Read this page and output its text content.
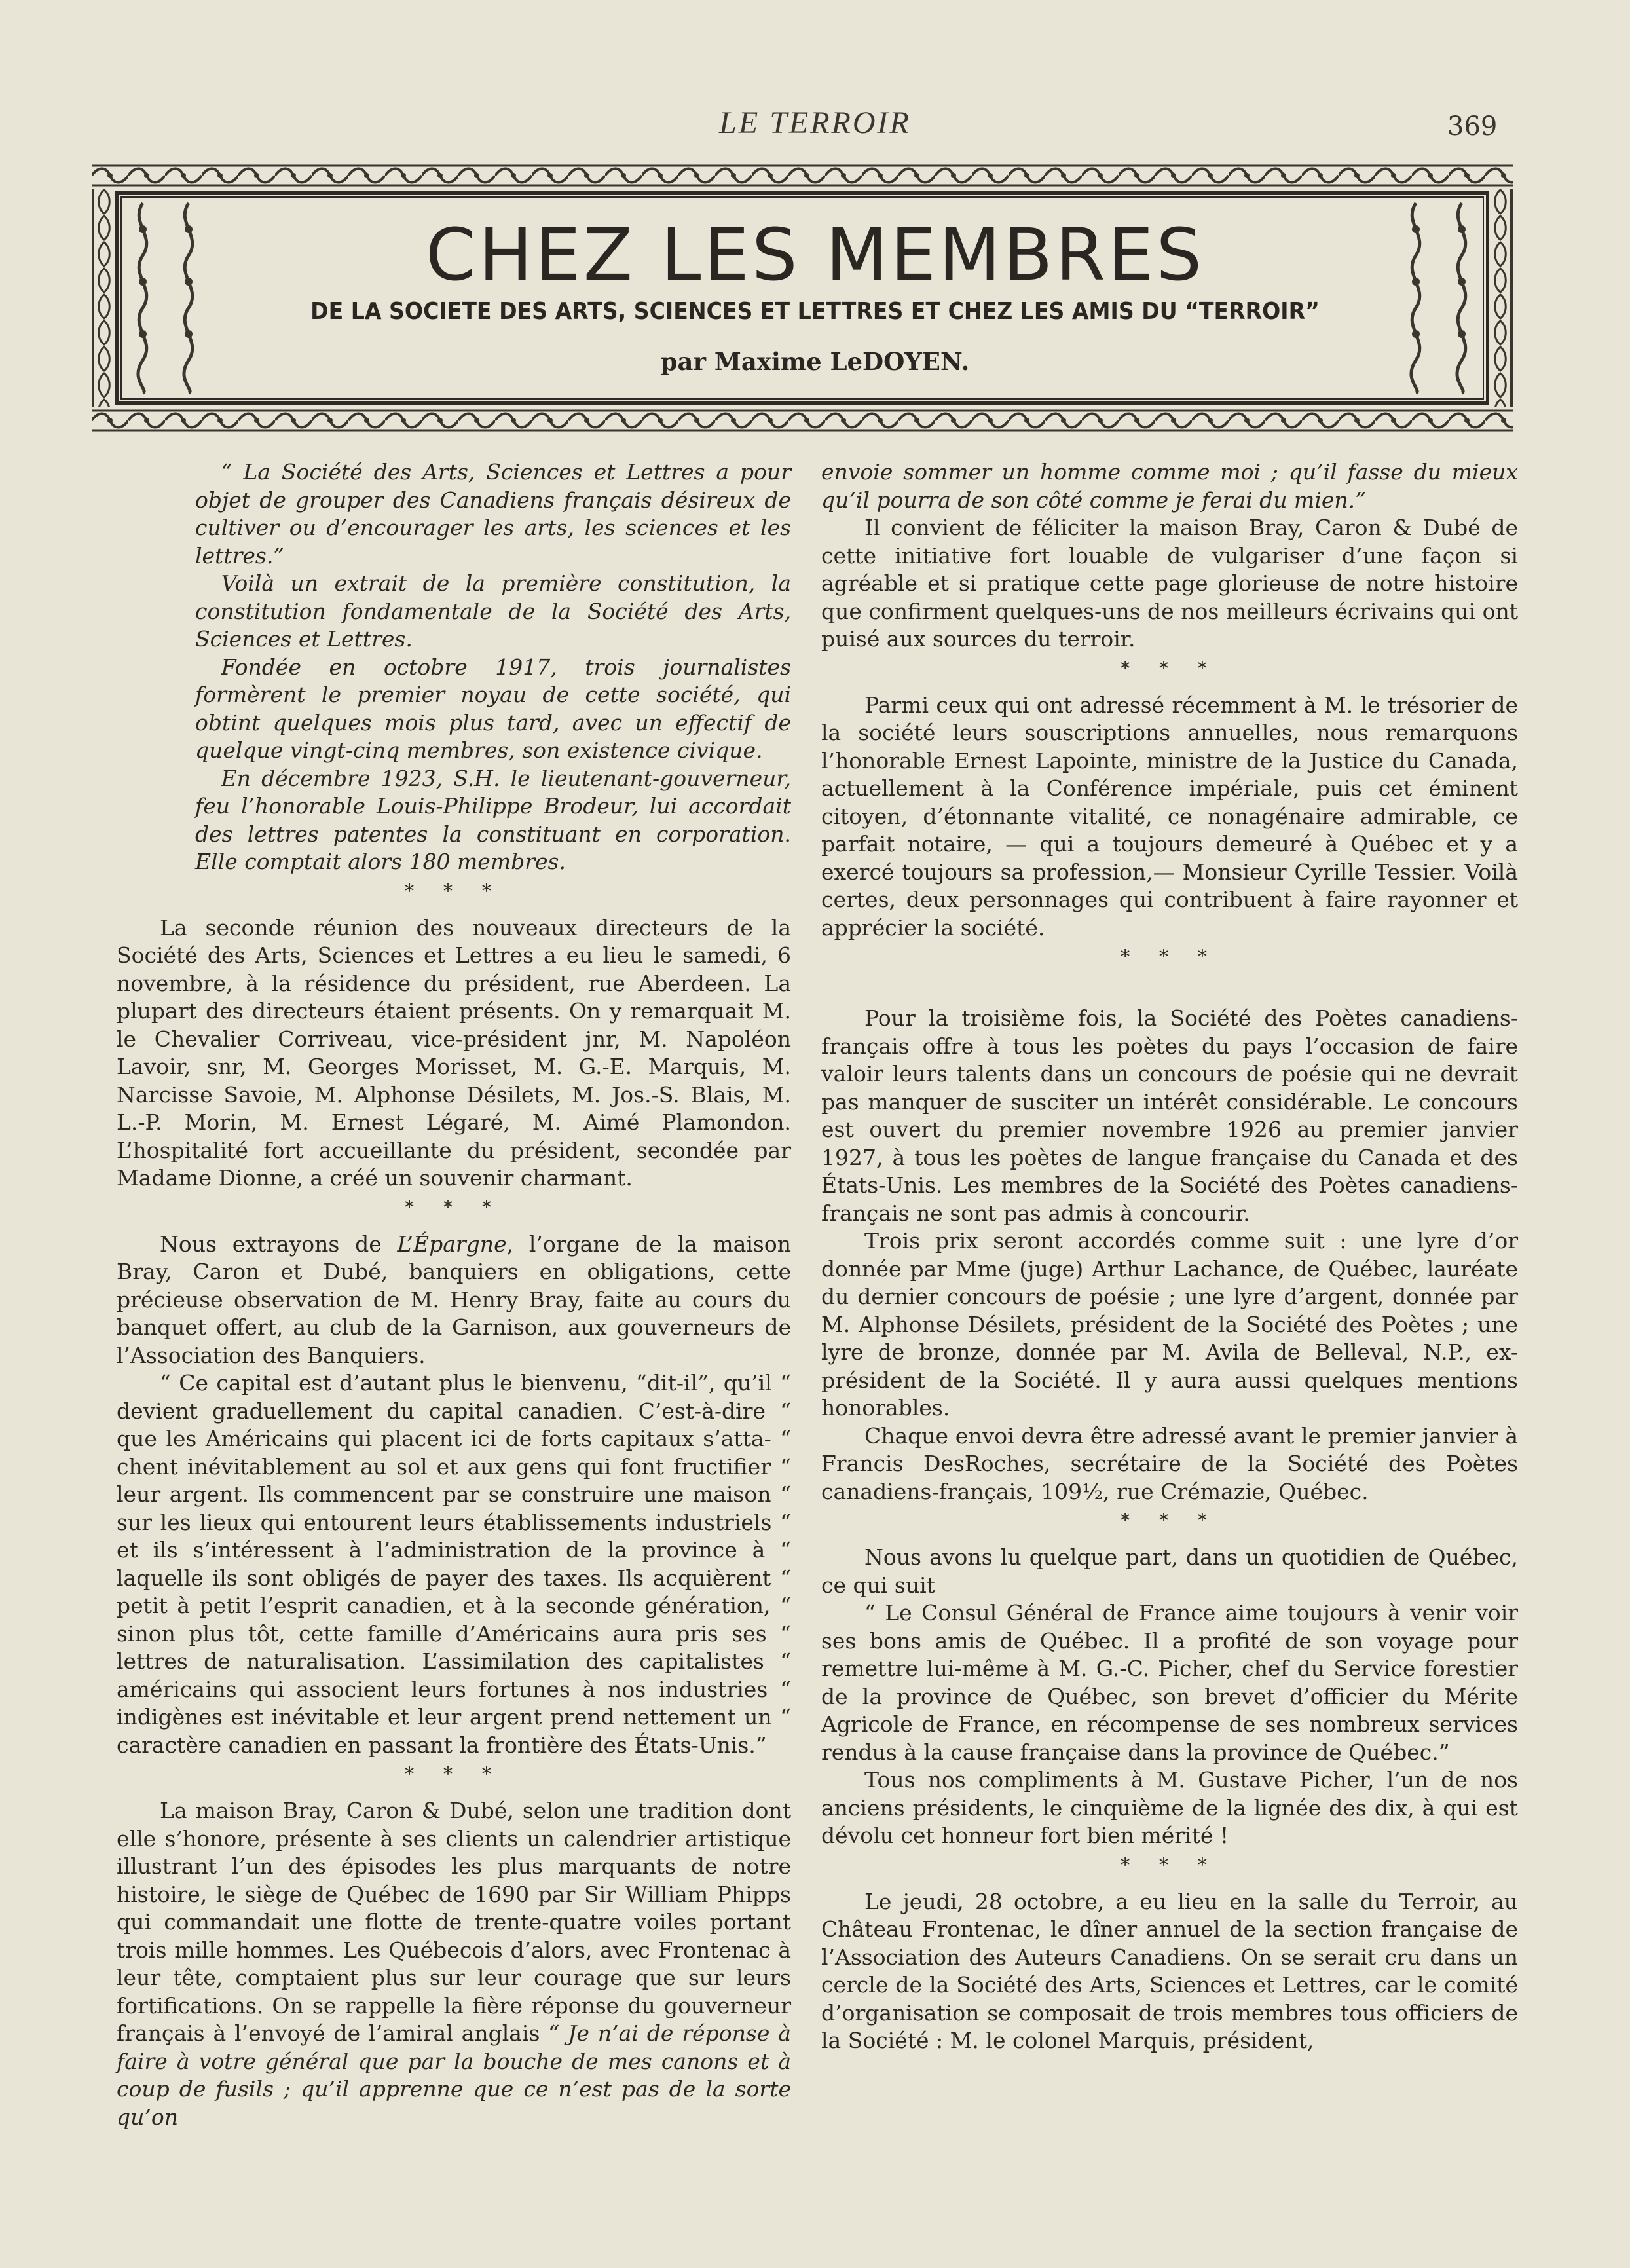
LE TERROIR	369
CHEZ LES MEMBRES
DE LA SOCIETE DES ARTS, SCIENCES ET LETTRES ET CHEZ LES AMIS DU “TERROIR”
par Maxime LeDOYEN.

“ La Société des Arts, Sciences et Lettres a pour objet de grouper des Canadiens français désireux de cultiver ou d’encourager les arts, les sciences et les lettres.”

Voilà un extrait de la première constitution, la constitution fondamentale de la Société des Arts, Sciences et Lettres.

Fondée en octobre 1917, trois journalistes formèrent le premier noyau de cette société, qui obtint quelques mois plus tard, avec un effectif de quelque vingt-cinq membres, son existence civique.

En décembre 1923, S.H. le lieutenant-gouverneur, feu l’honorable Louis-Philippe Brodeur, lui accordait des lettres patentes la constituant en corporation. Elle comptait alors 180 membres.

* * *

La seconde réunion des nouveaux directeurs de la Société des Arts, Sciences et Lettres a eu lieu le samedi, 6 novembre, à la résidence du président, rue Aberdeen. La plupart des directeurs étaient présents. On y remarquait M. le Chevalier Corriveau, vice-président jnr, M. Napoléon Lavoir, snr, M. Georges Morisset, M. G.-E. Marquis, M. Narcisse Savoie, M. Alphonse Désilets, M. Jos.-S. Blais, M. L.-P. Morin, M. Ernest Légaré, M. Aimé Plamondon. L’hospitalité fort accueillante du président, secondée par Madame Dionne, a créé un souvenir charmant.

* * *

Nous extrayons de L’Épargne, l’organe de la maison Bray, Caron et Dubé, banquiers en obligations, cette précieuse observation de M. Henry Bray, faite au cours du banquet offert, au club de la Garnison, aux gouverneurs de l’Association des Banquiers.

“ Ce capital est d’autant plus le bienvenu, “dit-il”, qu’il “ devient graduellement du capital canadien. C’est-à-dire “ que les Américains qui placent ici de forts capitaux s’atta- “ chent inévitablement au sol et aux gens qui font fructifier “ leur argent. Ils commencent par se construire une maison “ sur les lieux qui entourent leurs établissements industriels “ et ils s’intéressent à l’administration de la province à “ laquelle ils sont obligés de payer des taxes. Ils acquièrent “ petit à petit l’esprit canadien, et à la seconde génération, “ sinon plus tôt, cette famille d’Américains aura pris ses “ lettres de naturalisation. L’assimilation des capitalistes “ américains qui associent leurs fortunes à nos industries “ indigènes est inévitable et leur argent prend nettement un “ caractère canadien en passant la frontière des États-Unis.”

* * *

La maison Bray, Caron & Dubé, selon une tradition dont elle s’honore, présente à ses clients un calendrier artistique illustrant l’un des épisodes les plus marquants de notre histoire, le siège de Québec de 1690 par Sir William Phipps qui commandait une flotte de trente-quatre voiles portant trois mille hommes. Les Québecois d’alors, avec Frontenac à leur tête, comptaient plus sur leur courage que sur leurs fortifications. On se rappelle la fière réponse du gouverneur français à l’envoyé de l’amiral anglais “ Je n’ai de réponse à faire à votre général que par la bouche de mes canons et à coup de fusils ; qu’il apprenne que ce n’est pas de la sorte qu’on

envoie sommer un homme comme moi ; qu’il fasse du mieux qu’il pourra de son côté comme je ferai du mien.”

Il convient de féliciter la maison Bray, Caron & Dubé de cette initiative fort louable de vulgariser d’une façon si agréable et si pratique cette page glorieuse de notre histoire que confirment quelques-uns de nos meilleurs écrivains qui ont puisé aux sources du terroir.

* * *

Parmi ceux qui ont adressé récemment à M. le trésorier de la société leurs souscriptions annuelles, nous remarquons l’honorable Ernest Lapointe, ministre de la Justice du Canada, actuellement à la Conférence impériale, puis cet éminent citoyen, d’étonnante vitalité, ce nonagénaire admirable, ce parfait notaire, — qui a toujours demeuré à Québec et y a exercé toujours sa profession,— Monsieur Cyrille Tessier. Voilà certes, deux personnages qui contribuent à faire rayonner et apprécier la société.

* * *

Pour la troisième fois, la Société des Poètes canadiens-français offre à tous les poètes du pays l’occasion de faire valoir leurs talents dans un concours de poésie qui ne devrait pas manquer de susciter un intérêt considérable. Le concours est ouvert du premier novembre 1926 au premier janvier 1927, à tous les poètes de langue française du Canada et des États-Unis. Les membres de la Société des Poètes canadiens-français ne sont pas admis à concourir.

Trois prix seront accordés comme suit : une lyre d’or donnée par Mme (juge) Arthur Lachance, de Québec, lauréate du dernier concours de poésie ; une lyre d’argent, donnée par M. Alphonse Désilets, président de la Société des Poètes ; une lyre de bronze, donnée par M. Avila de Belleval, N.P., ex-président de la Société. Il y aura aussi quelques mentions honorables.

Chaque envoi devra être adressé avant le premier janvier à Francis DesRoches, secrétaire de la Société des Poètes canadiens-français, 109½, rue Crémazie, Québec.

* * *

Nous avons lu quelque part, dans un quotidien de Québec, ce qui suit

“ Le Consul Général de France aime toujours à venir voir ses bons amis de Québec. Il a profité de son voyage pour remettre lui-même à M. G.-C. Picher, chef du Service forestier de la province de Québec, son brevet d’officier du Mérite Agricole de France, en récompense de ses nombreux services rendus à la cause française dans la province de Québec.”

Tous nos compliments à M. Gustave Picher, l’un de nos anciens présidents, le cinquième de la lignée des dix, à qui est dévolu cet honneur fort bien mérité !

* * *

Le jeudi, 28 octobre, a eu lieu en la salle du Terroir, au Château Frontenac, le dîner annuel de la section française de l’Association des Auteurs Canadiens. On se serait cru dans un cercle de la Société des Arts, Sciences et Lettres, car le comité d’organisation se composait de trois membres tous officiers de la Société : M. le colonel Marquis, président,
